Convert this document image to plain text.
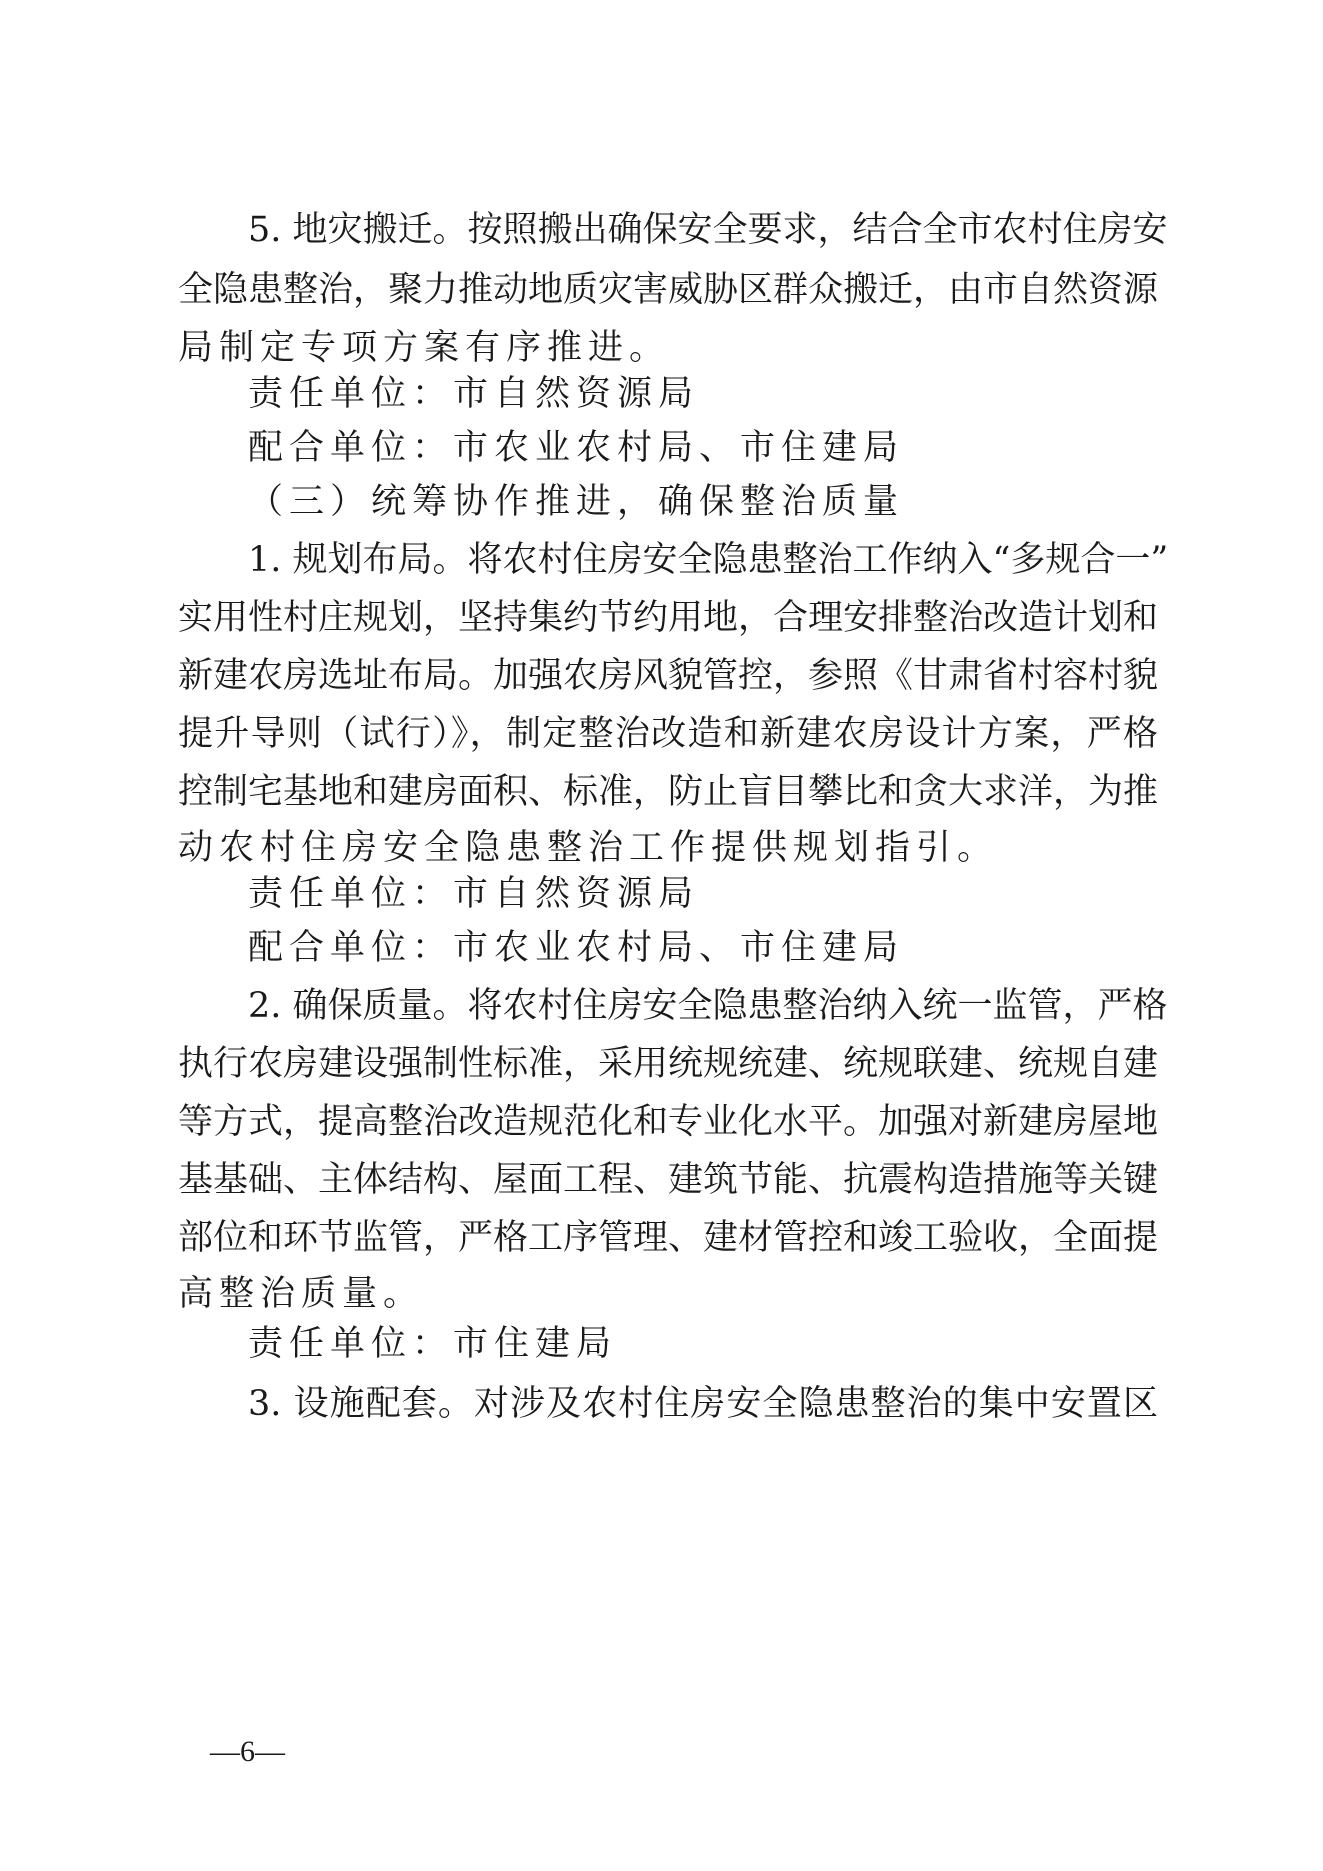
5. 地灾搬迁。按照搬出确保安全要求，结合全市农村住房安
全隐患整治，聚力推动地质灾害威胁区群众搬迁，由市自然资源
局制定专项方案有序推进。
责任单位：市自然资源局
配合单位：市农业农村局、市住建局
（三）统筹协作推进，确保整治质量
1. 规划布局。将农村住房安全隐患整治工作纳入“多规合一”
实用性村庄规划，坚持集约节约用地，合理安排整治改造计划和
新建农房选址布局。加强农房风貌管控，参照《甘肃省村容村貌
提升导则（试行）》，制定整治改造和新建农房设计方案，严格
控制宅基地和建房面积、标准，防止盲目攀比和贪大求洋，为推
动农村住房安全隐患整治工作提供规划指引。
责任单位：市自然资源局
配合单位：市农业农村局、市住建局
2. 确保质量。将农村住房安全隐患整治纳入统一监管，严格
执行农房建设强制性标准，采用统规统建、统规联建、统规自建
等方式，提高整治改造规范化和专业化水平。加强对新建房屋地
基基础、主体结构、屋面工程、建筑节能、抗震构造措施等关键
部位和环节监管，严格工序管理、建材管控和竣工验收，全面提
高整治质量。
责任单位：市住建局
3. 设施配套。对涉及农村住房安全隐患整治的集中安置区
—6—
